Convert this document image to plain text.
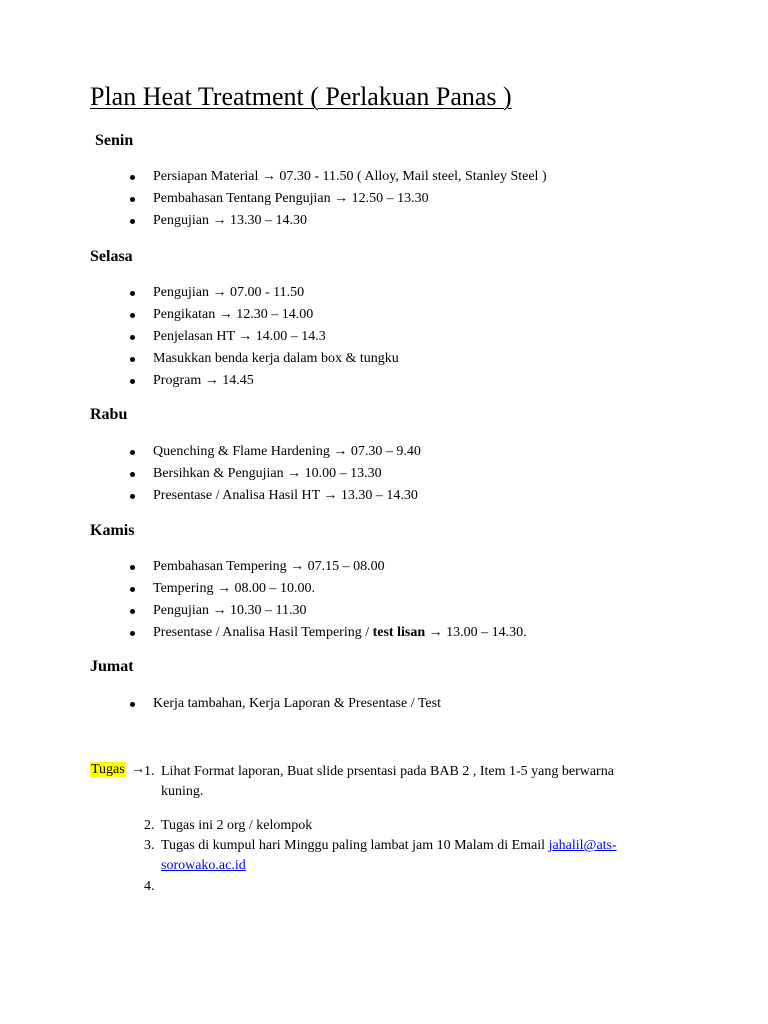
Plan Heat Treatment ( Perlakuan Panas )
Senin
Persiapan Material → 07.30 - 11.50 ( Alloy, Mail steel, Stanley Steel )
Pembahasan Tentang Pengujian → 12.50 – 13.30
Pengujian → 13.30 – 14.30
Selasa
Pengujian → 07.00 - 11.50
Pengikatan → 12.30 – 14.00
Penjelasan HT → 14.00 – 14.3
Masukkan benda kerja dalam box & tungku
Program → 14.45
Rabu
Quenching & Flame Hardening → 07.30 – 9.40
Bersihkan & Pengujian → 10.00 – 13.30
Presentase / Analisa Hasil HT → 13.30 – 14.30
Kamis
Pembahasan Tempering → 07.15 – 08.00
Tempering → 08.00 – 10.00.
Pengujian → 10.30 – 11.30
Presentase / Analisa Hasil Tempering / test lisan → 13.00 – 14.30.
Jumat
Kerja tambahan, Kerja Laporan & Presentase / Test
Tugas →
1. Lihat Format laporan, Buat slide prsentasi pada BAB 2 , Item 1-5 yang berwarna
kuning.
2. Tugas ini 2 org / kelompok
3. Tugas di kumpul hari Minggu paling lambat jam 10 Malam di Email jahalil@ats-
sorowako.ac.id
4.
